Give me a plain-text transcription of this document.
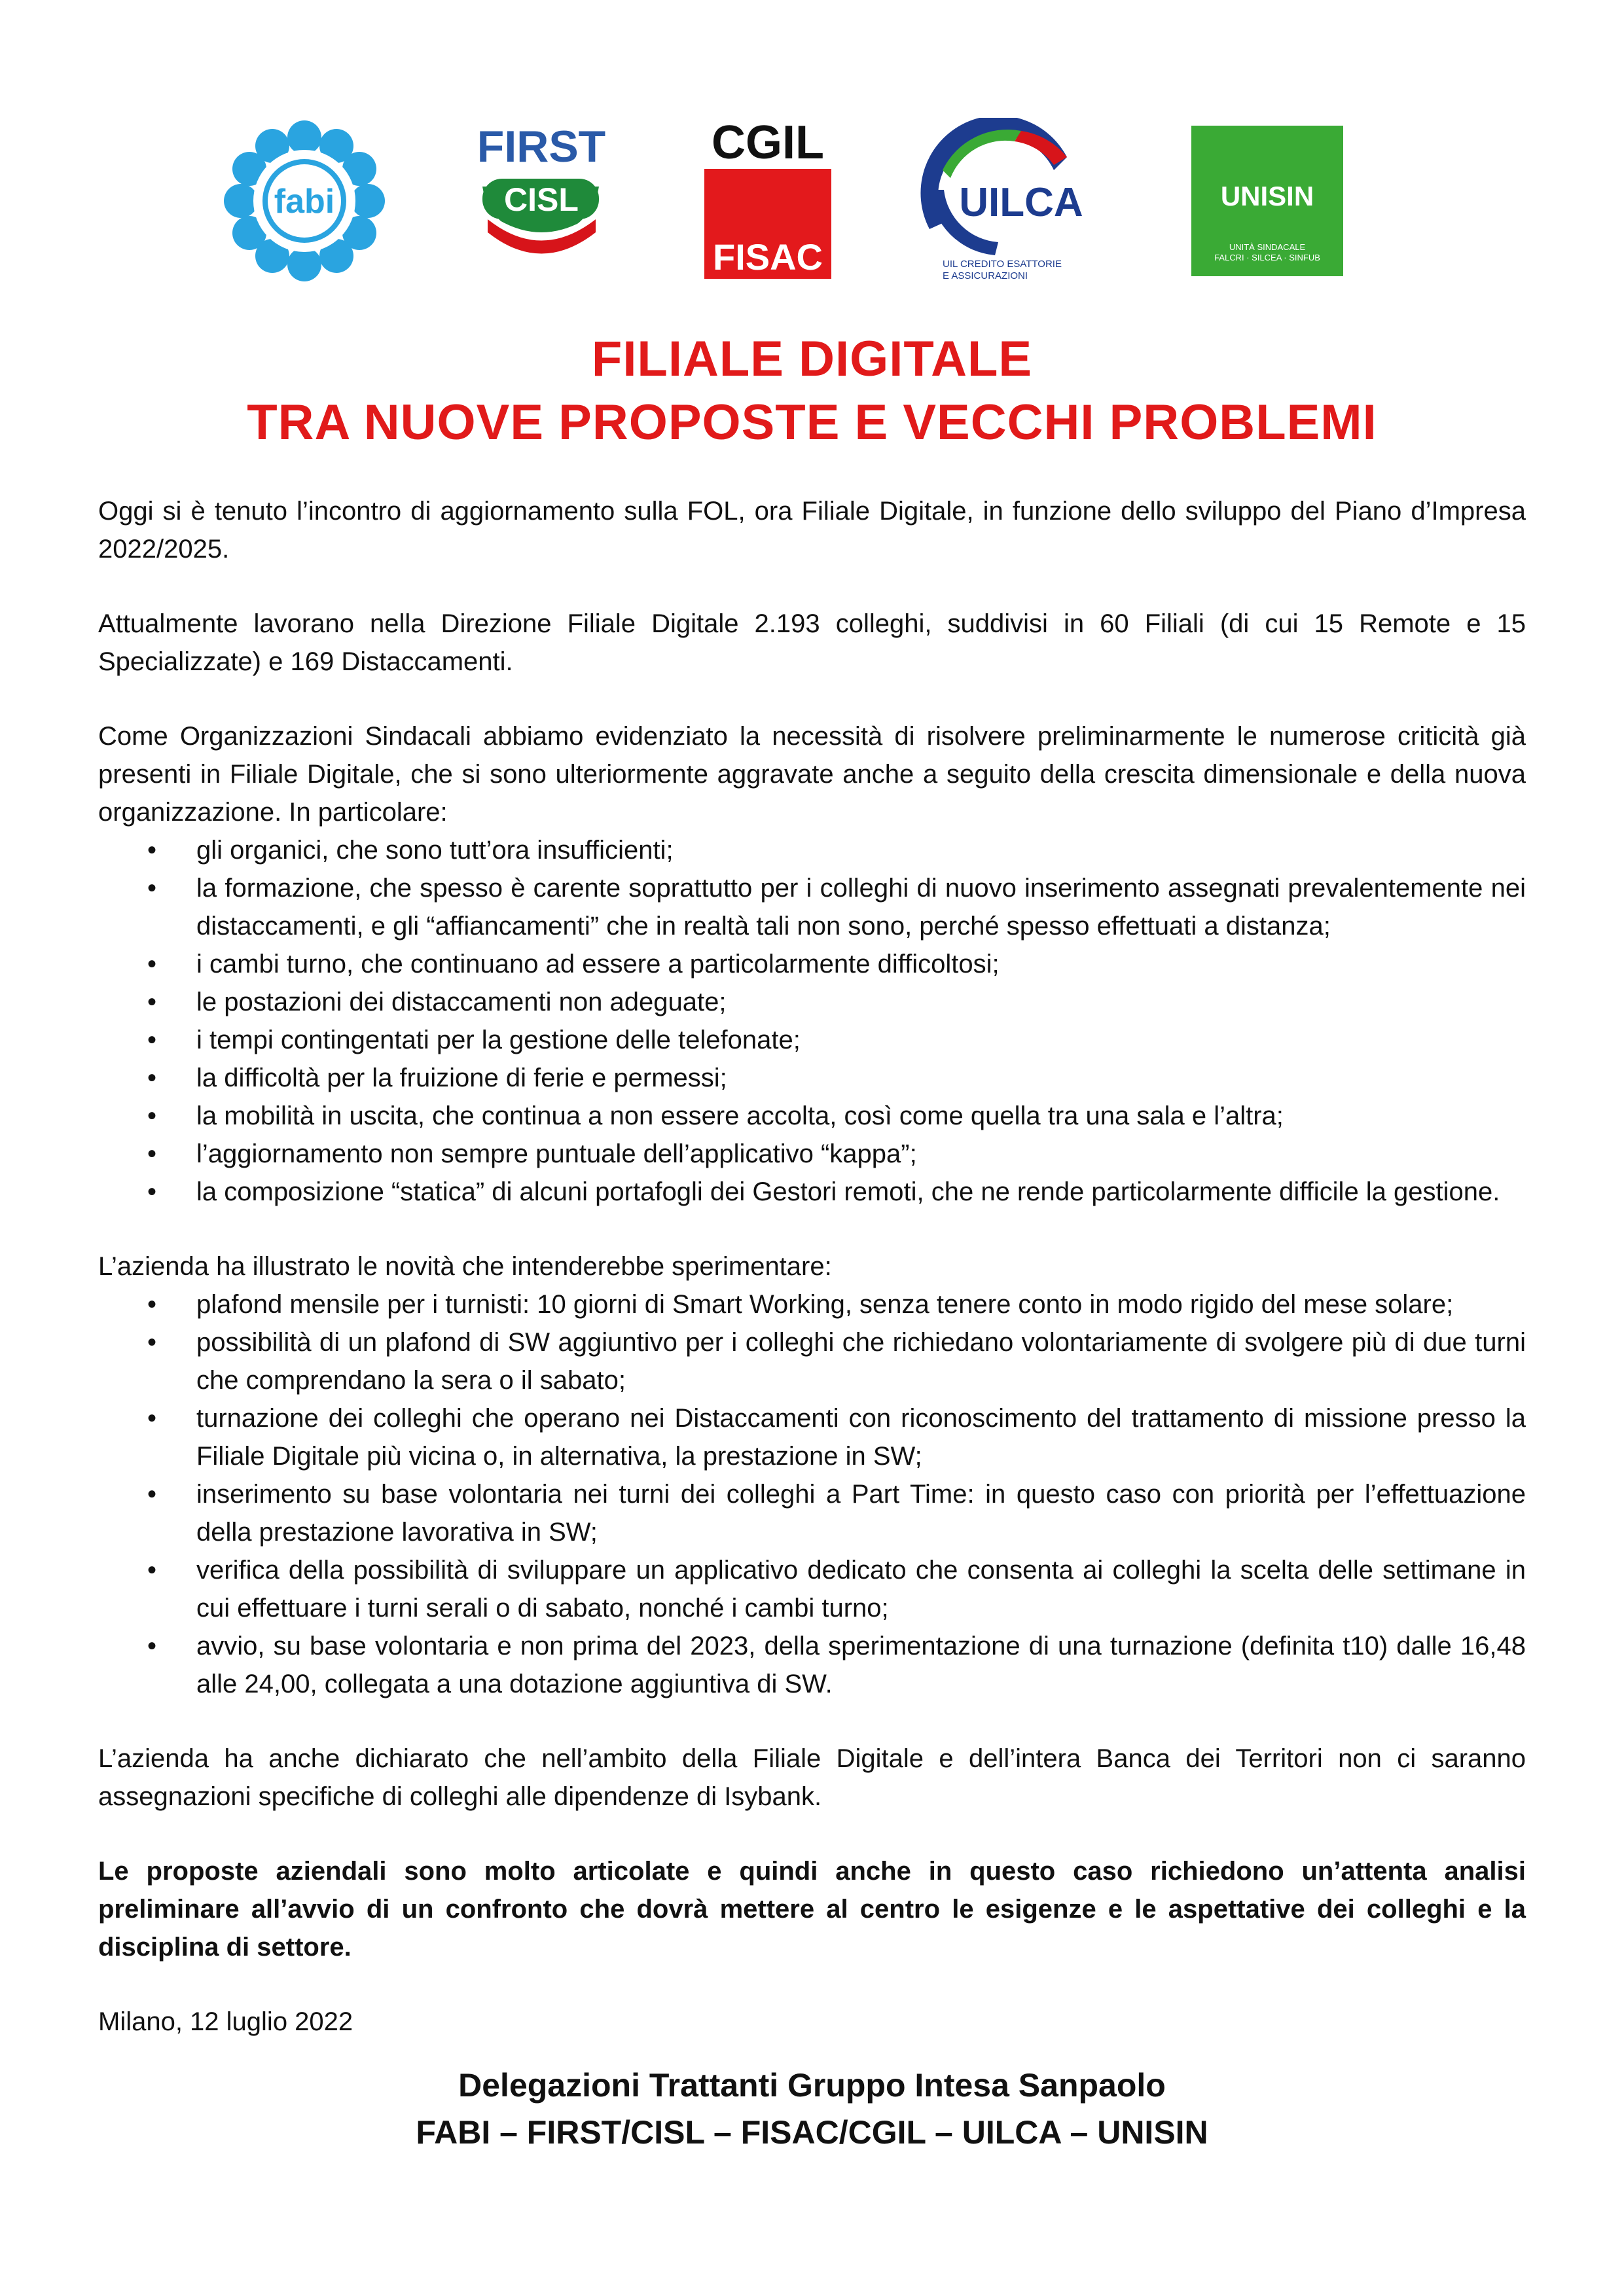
fabi
FIRST
CISL
CGIL
FISAC
UILCA
UIL CREDITO ESATTORIE
E ASSICURAZIONI
UNISIN
UNITÀ SINDACALE
FALCRI · SILCEA · SINFUB
FILIALE DIGITALE
TRA NUOVE PROPOSTE E VECCHI PROBLEMI

Oggi si è tenuto l’incontro di aggiornamento sulla FOL, ora Filiale Digitale, in funzione dello sviluppo del Piano d’Impresa 2022/2025.

Attualmente lavorano nella Direzione Filiale Digitale 2.193 colleghi, suddivisi in 60 Filiali (di cui 15 Remote e 15 Specializzate) e 169 Distaccamenti.

Come Organizzazioni Sindacali abbiamo evidenziato la necessità di risolvere preliminarmente le numerose criticità già presenti in Filiale Digitale, che si sono ulteriormente aggravate anche a seguito della crescita dimensionale e della nuova organizzazione. In particolare:

• gli organici, che sono tutt’ora insufficienti;
• la formazione, che spesso è carente soprattutto per i colleghi di nuovo inserimento assegnati prevalentemente nei distaccamenti, e gli “affiancamenti” che in realtà tali non sono, perché spesso effettuati a distanza;
• i cambi turno, che continuano ad essere a particolarmente difficoltosi;
• le postazioni dei distaccamenti non adeguate;
• i tempi contingentati per la gestione delle telefonate;
• la difficoltà per la fruizione di ferie e permessi;
• la mobilità in uscita, che continua a non essere accolta, così come quella tra una sala e l’altra;
• l’aggiornamento non sempre puntuale dell’applicativo “kappa”;
• la composizione “statica” di alcuni portafogli dei Gestori remoti, che ne rende particolarmente difficile la gestione.

L’azienda ha illustrato le novità che intenderebbe sperimentare:

• plafond mensile per i turnisti: 10 giorni di Smart Working, senza tenere conto in modo rigido del mese solare;
• possibilità di un plafond di SW aggiuntivo per i colleghi che richiedano volontariamente di svolgere più di due turni che comprendano la sera o il sabato;
• turnazione dei colleghi che operano nei Distaccamenti con riconoscimento del trattamento di missione presso la Filiale Digitale più vicina o, in alternativa, la prestazione in SW;
• inserimento su base volontaria nei turni dei colleghi a Part Time: in questo caso con priorità per l’effettuazione della prestazione lavorativa in SW;
• verifica della possibilità di sviluppare un applicativo dedicato che consenta ai colleghi la scelta delle settimane in cui effettuare i turni serali o di sabato, nonché i cambi turno;
• avvio, su base volontaria e non prima del 2023, della sperimentazione di una turnazione (definita t10) dalle 16,48 alle 24,00, collegata a una dotazione aggiuntiva di SW.

L’azienda ha anche dichiarato che nell’ambito della Filiale Digitale e dell’intera Banca dei Territori non ci saranno assegnazioni specifiche di colleghi alle dipendenze di Isybank.

Le proposte aziendali sono molto articolate e quindi anche in questo caso richiedono un’attenta analisi preliminare all’avvio di un confronto che dovrà mettere al centro le esigenze e le aspettative dei colleghi e la disciplina di settore.

Milano, 12 luglio 2022

Delegazioni Trattanti Gruppo Intesa Sanpaolo
FABI – FIRST/CISL – FISAC/CGIL – UILCA – UNISIN
